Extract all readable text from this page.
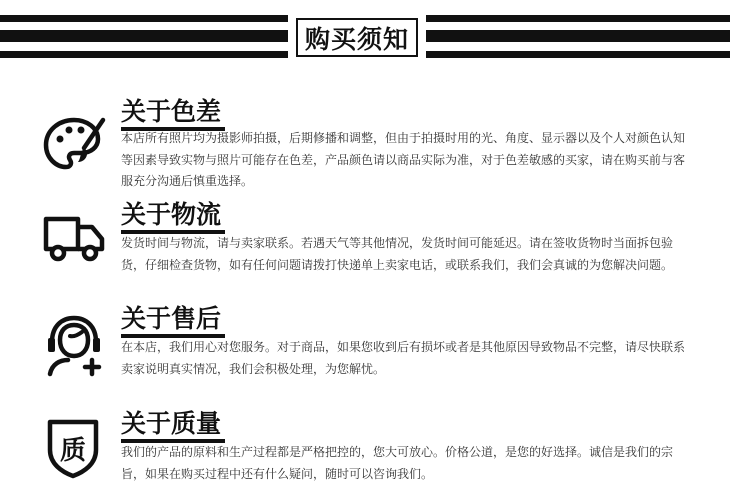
购买须知
关于色差
本店所有照片均为摄影师拍摄，后期修播和调整，但由于拍摄时用的光、角度、显示器以及个人对颜色认知等因素导致实物与照片可能存在色差，产品颜色请以商品实际为准，对于色差敏感的买家，请在购买前与客服充分沟通后慎重选择。
关于物流
发货时间与物流，请与卖家联系。若遇天气等其他情况，发货时间可能延迟。请在签收货物时当面拆包验货，仔细检查货物，如有任何问题请拨打快递单上卖家电话，或联系我们，我们会真诚的为您解决问题。
关于售后
在本店，我们用心对您服务。对于商品，如果您收到后有损坏或者是其他原因导致物品不完整，请尽快联系卖家说明真实情况，我们会积极处理，为您解忧。
质
关于质量
我们的产品的原料和生产过程都是严格把控的，您大可放心。价格公道，是您的好选择。诚信是我们的宗旨，如果在购买过程中还有什么疑问，随时可以咨询我们。
